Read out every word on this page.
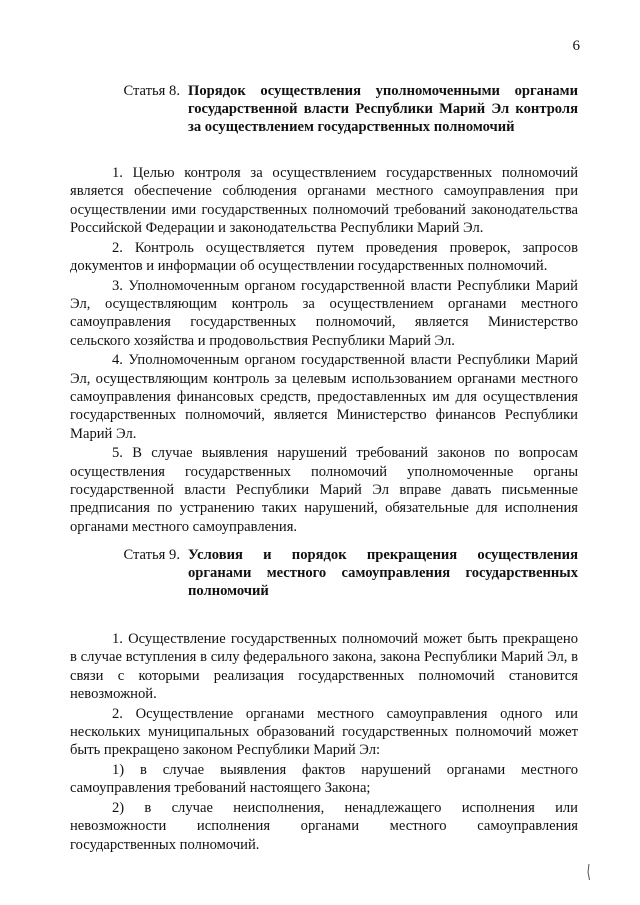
6
Статья 8. Порядок осуществления уполномоченными органами государственной власти Республики Марий Эл контроля за осуществлением государственных полномочий

1. Целью контроля за осуществлением государственных полномочий является обеспечение соблюдения органами местного самоуправления при осуществлении ими государственных полномочий требований законодательства Российской Федерации и законодательства Республики Марий Эл.

2. Контроль осуществляется путем проведения проверок, запросов документов и информации об осуществлении государственных полномочий.

3. Уполномоченным органом государственной власти Республики Марий Эл, осуществляющим контроль за осуществлением органами местного самоуправления государственных полномочий, является Министерство сельского хозяйства и продовольствия Республики Марий Эл.

4. Уполномоченным органом государственной власти Республики Марий Эл, осуществляющим контроль за целевым использованием органами местного самоуправления финансовых средств, предоставленных им для осуществления государственных полномочий, является Министерство финансов Республики Марий Эл.

5. В случае выявления нарушений требований законов по вопросам осуществления государственных полномочий уполномоченные органы государственной власти Республики Марий Эл вправе давать письменные предписания по устранению таких нарушений, обязательные для исполнения органами местного самоуправления.

Статья 9. Условия и порядок прекращения осуществления органами местного самоуправления государственных полномочий

1. Осуществление государственных полномочий может быть прекращено в случае вступления в силу федерального закона, закона Республики Марий Эл, в связи с которыми реализация государственных полномочий становится невозможной.

2. Осуществление органами местного самоуправления одного или нескольких муниципальных образований государственных полномочий может быть прекращено законом Республики Марий Эл:

1) в случае выявления фактов нарушений органами местного самоуправления требований настоящего Закона;

2) в случае неисполнения, ненадлежащего исполнения или невозможности исполнения органами местного самоуправления государственных полномочий.
